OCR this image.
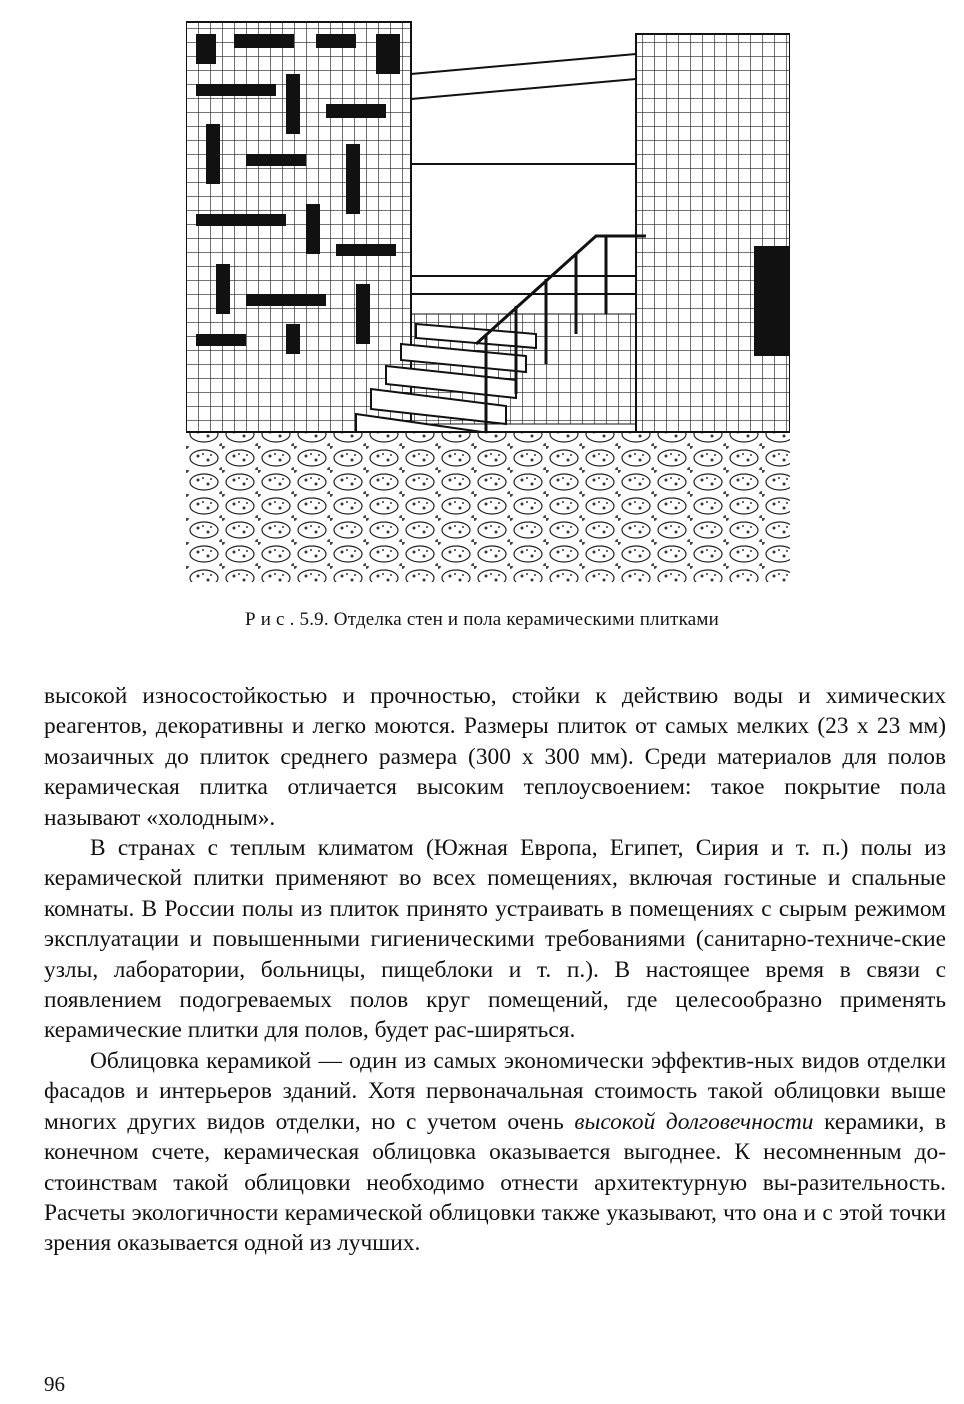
Р и с . 5.9. Отделка стен и пола керамическими плитками

высокой износостойкостью и прочностью, стойки к действию воды и химических реагентов, декоративны и легко моются. Размеры плиток от самых мелких (23 х 23 мм) мозаичных до плиток среднего размера (300 х 300 мм). Среди материалов для полов керамическая плитка отличается высоким теплоусвоением: такое покрытие пола называют «холодным».

В странах с теплым климатом (Южная Европа, Египет, Сирия и т. п.) полы из керамической плитки применяют во всех помещениях, включая гостиные и спальные комнаты. В России полы из плиток принято устраивать в помещениях с сырым режимом эксплуатации и повышенными гигиеническими требованиями (санитарно-техниче-ские узлы, лаборатории, больницы, пищеблоки и т. п.). В настоящее время в связи с появлением подогреваемых полов круг помещений, где целесообразно применять керамические плитки для полов, будет рас-ширяться.

Облицовка керамикой — один из самых экономически эффектив-ных видов отделки фасадов и интерьеров зданий. Хотя первоначальная стоимость такой облицовки выше многих других видов отделки, но с учетом очень высокой долговечности керамики, в конечном счете, керамическая облицовка оказывается выгоднее. К несомненным до-стоинствам такой облицовки необходимо отнести архитектурную вы-разительность. Расчеты экологичности керамической облицовки также указывают, что она и с этой точки зрения оказывается одной из лучших.

96
